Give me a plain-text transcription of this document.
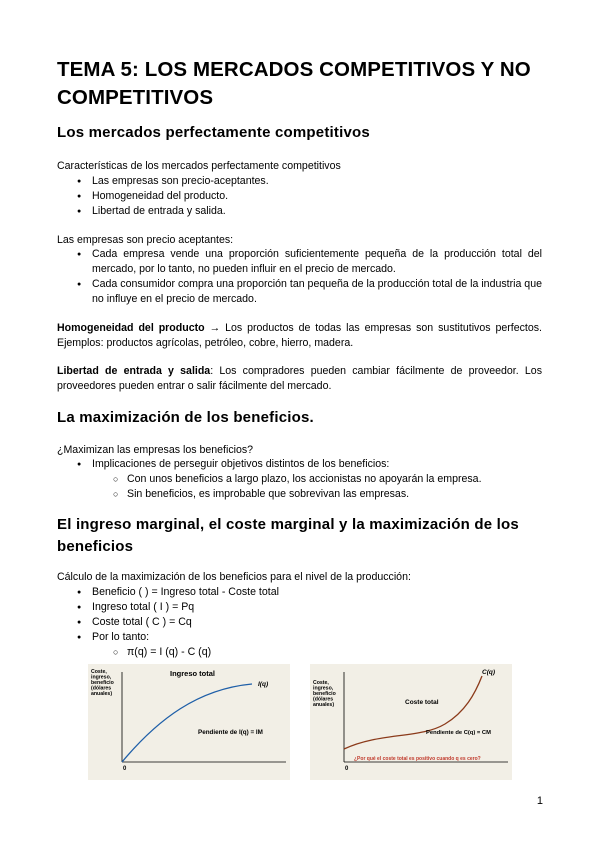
TEMA 5: LOS MERCADOS COMPETITIVOS Y NO COMPETITIVOS
Los mercados perfectamente competitivos
Características de los mercados perfectamente competitivos
● Las empresas son precio-aceptantes.
● Homogeneidad del producto.
● Libertad de entrada y salida.
Las empresas son precio aceptantes:
● Cada empresa vende una proporción suficientemente pequeña de la producción total del mercado, por lo tanto, no pueden influir en el precio de mercado.
● Cada consumidor compra una proporción tan pequeña de la producción total de la industria que no influye en el precio de mercado.
Homogeneidad del producto → Los productos de todas las empresas son sustitutivos perfectos. Ejemplos: productos agrícolas, petróleo, cobre, hierro, madera.
Libertad de entrada y salida: Los compradores pueden cambiar fácilmente de proveedor. Los proveedores pueden entrar o salir fácilmente del mercado.
La maximización de los beneficios.
¿Maximizan las empresas los beneficios?
● Implicaciones de perseguir objetivos distintos de los beneficios:
○ Con unos beneficios a largo plazo, los accionistas no apoyarán la empresa.
○ Sin beneficios, es improbable que sobrevivan las empresas.
El ingreso marginal, el coste marginal y la maximización de los beneficios
Cálculo de la maximización de los beneficios para el nivel de la producción:
● Beneficio ( ) = Ingreso total - Coste total
● Ingreso total ( I ) = Pq
● Coste total ( C ) = Cq
● Por lo tanto:
○ π(q) = I (q) - C (q)
Coste, ingreso, beneficio (dólares anuales)
Ingreso total
I(q)
Pendiente de I(q) = IM
0
Coste, ingreso, beneficio (dólares anuales)
C(q)
Coste total
Pendiente de C(q) = CM
¿Por qué el coste total es positivo cuando q es cero?
0
1
